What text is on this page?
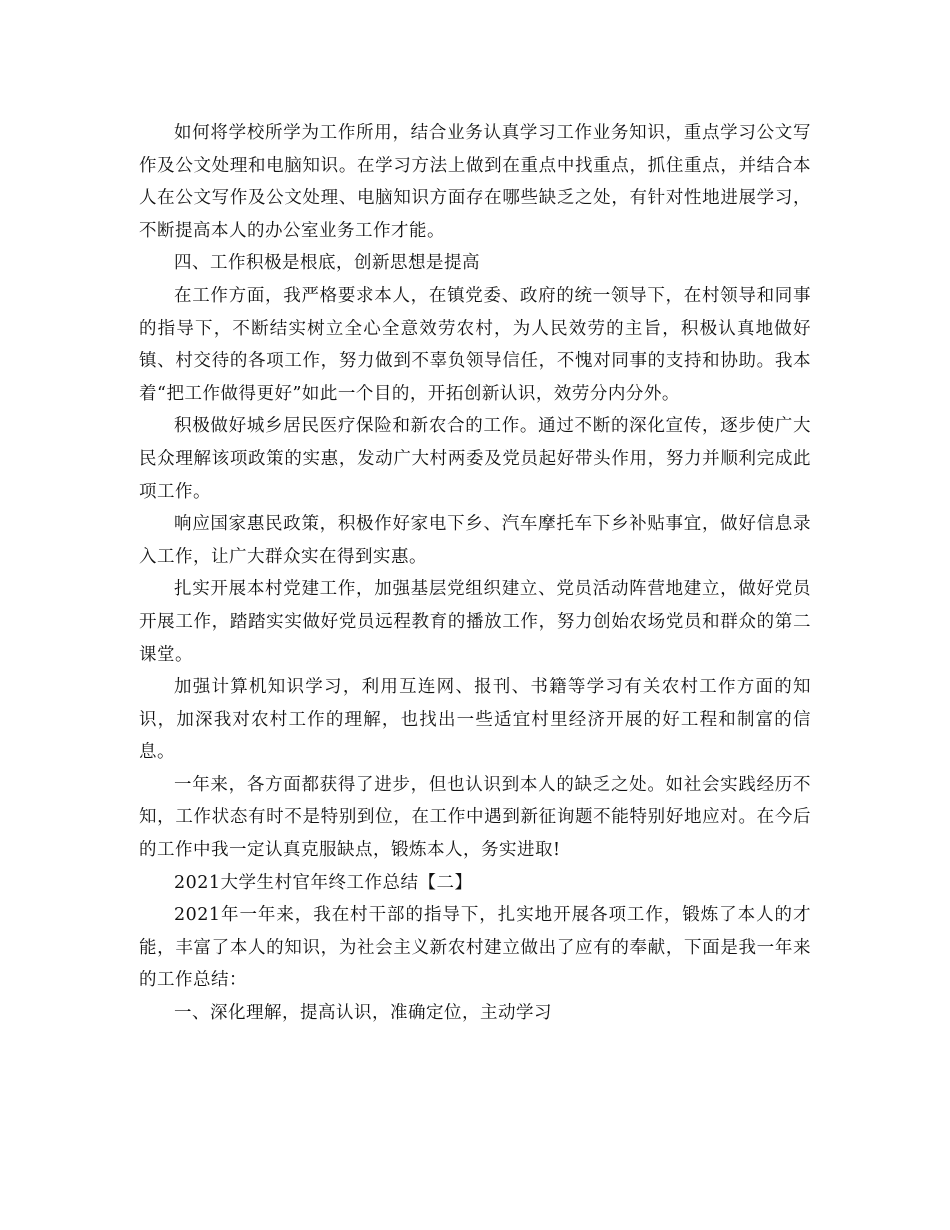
如何将学校所学为工作所用，结合业务认真学习工作业务知识，重点学习公文写作及公文处理和电脑知识。在学习方法上做到在重点中找重点，抓住重点，并结合本人在公文写作及公文处理、电脑知识方面存在哪些缺乏之处，有针对性地进展学习，不断提高本人的办公室业务工作才能。

四、工作积极是根底，创新思想是提高

在工作方面，我严格要求本人，在镇党委、政府的统一领导下，在村领导和同事的指导下，不断结实树立全心全意效劳农村，为人民效劳的主旨，积极认真地做好镇、村交待的各项工作，努力做到不辜负领导信任，不愧对同事的支持和协助。我本着“把工作做得更好”如此一个目的，开拓创新认识，效劳分内分外。

积极做好城乡居民医疗保险和新农合的工作。通过不断的深化宣传，逐步使广大民众理解该项政策的实惠，发动广大村两委及党员起好带头作用，努力并顺利完成此项工作。

响应国家惠民政策，积极作好家电下乡、汽车摩托车下乡补贴事宜，做好信息录入工作，让广大群众实在得到实惠。

扎实开展本村党建工作，加强基层党组织建立、党员活动阵营地建立，做好党员开展工作，踏踏实实做好党员远程教育的播放工作，努力创始农场党员和群众的第二课堂。

加强计算机知识学习，利用互连网、报刊、书籍等学习有关农村工作方面的知识，加深我对农村工作的理解，也找出一些适宜村里经济开展的好工程和制富的信息。

一年来，各方面都获得了进步，但也认识到本人的缺乏之处。如社会实践经历不知，工作状态有时不是特别到位，在工作中遇到新征询题不能特别好地应对。在今后的工作中我一定认真克服缺点，锻炼本人，务实进取!

2021大学生村官年终工作总结【二】

2021年一年来，我在村干部的指导下，扎实地开展各项工作，锻炼了本人的才能，丰富了本人的知识，为社会主义新农村建立做出了应有的奉献，下面是我一年来的工作总结：

一、深化理解，提高认识，准确定位，主动学习
